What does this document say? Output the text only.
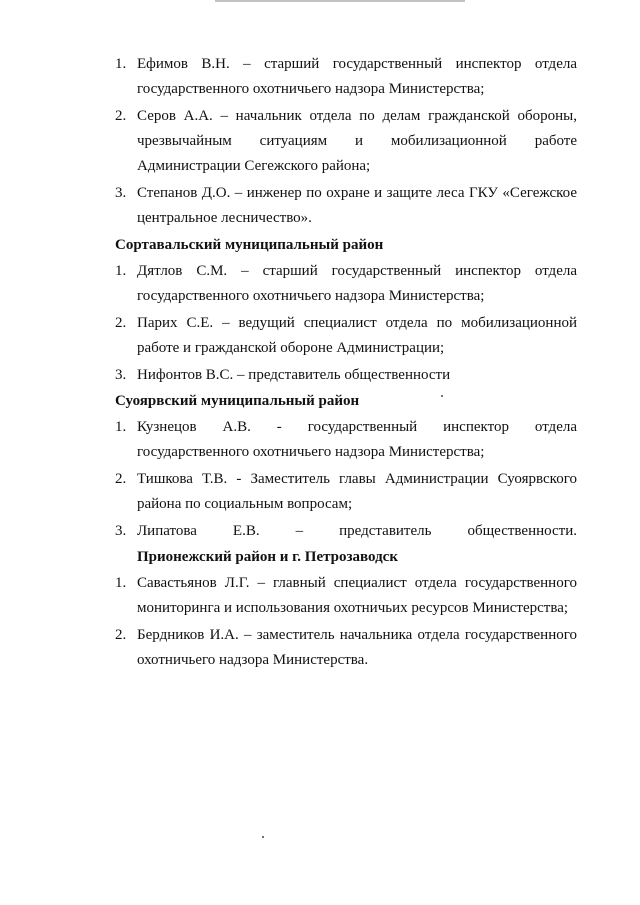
1. Ефимов В.Н. – старший государственный инспектор отдела государственного охотничьего надзора Министерства;
2. Серов А.А. – начальник отдела по делам гражданской обороны, чрезвычайным ситуациям и мобилизационной работе Администрации Сегежского района;
3. Степанов Д.О. – инженер по охране и защите леса ГКУ «Сегежское центральное лесничество».
Сортавальский муниципальный район
1. Дятлов С.М. – старший государственный инспектор отдела государственного охотничьего надзора Министерства;
2. Парих С.Е. – ведущий специалист отдела по мобилизационной работе и гражданской обороне Администрации;
3. Нифонтов В.С. – представитель общественности
Суоярвский муниципальный район
1. Кузнецов А.В. - государственный инспектор отдела государственного охотничьего надзора Министерства;
2. Тишкова Т.В. - Заместитель главы Администрации Суоярвского района по социальным вопросам;
3. Липатова Е.В. – представитель общественности.
Прионежский район и г. Петрозаводск
1. Савастьянов Л.Г. – главный специалист отдела государственного мониторинга и использования охотничьих ресурсов Министерства;
2. Бердников И.А. – заместитель начальника отдела государственного охотничьего надзора Министерства.
